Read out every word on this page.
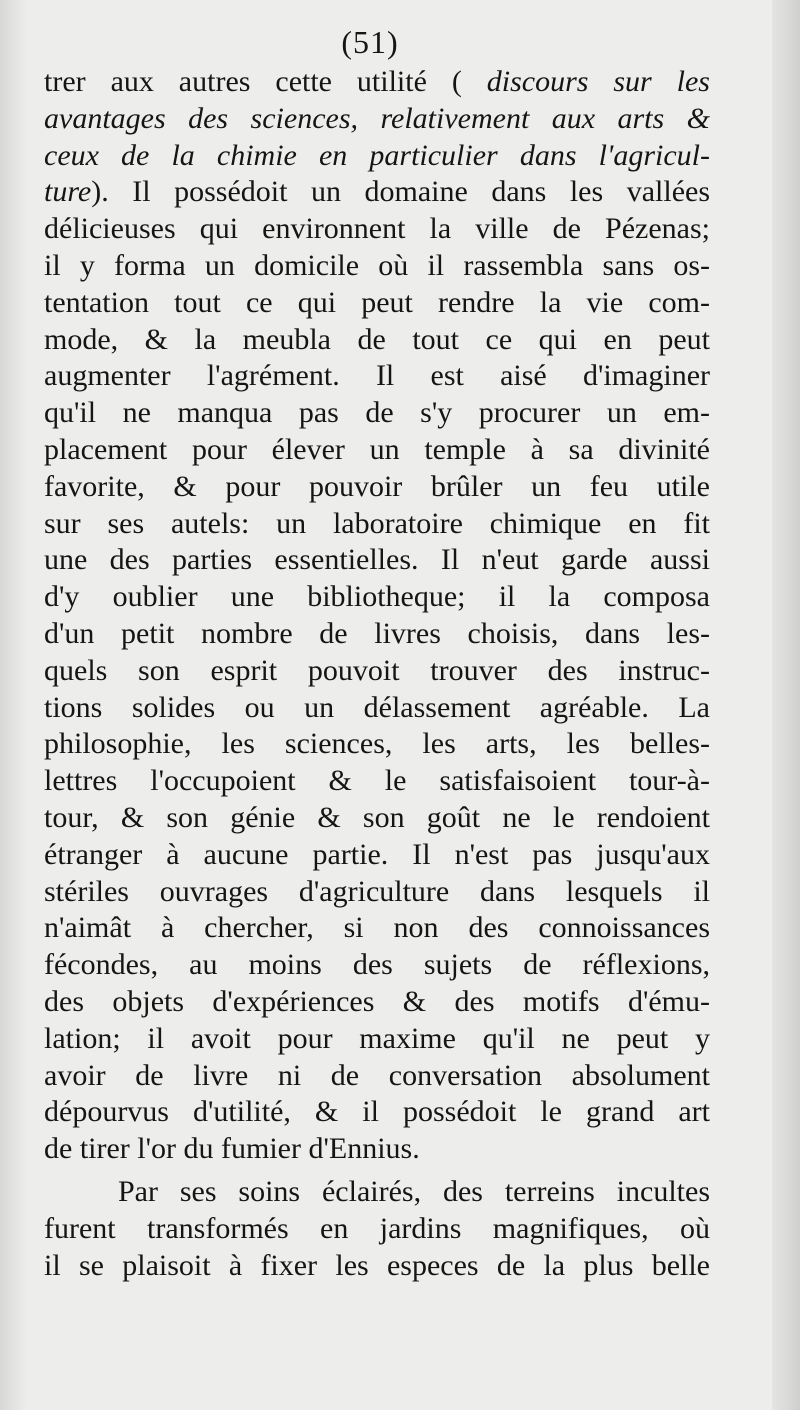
(51)
trer aux autres cette utilité ( discours sur les
avantages des sciences, relativement aux arts &
ceux de la chimie en particulier dans l'agricul-
ture). Il possédoit un domaine dans les vallées
délicieuses qui environnent la ville de Pézenas;
il y forma un domicile où il rassembla sans os-
tentation tout ce qui peut rendre la vie com-
mode, & la meubla de tout ce qui en peut
augmenter l'agrément. Il est aisé d'imaginer
qu'il ne manqua pas de s'y procurer un em-
placement pour élever un temple à sa divinité
favorite, & pour pouvoir brûler un feu utile
sur ses autels: un laboratoire chimique en fit
une des parties essentielles. Il n'eut garde aussi
d'y oublier une bibliotheque; il la composa
d'un petit nombre de livres choisis, dans les-
quels son esprit pouvoit trouver des instruc-
tions solides ou un délassement agréable. La
philosophie, les sciences, les arts, les belles-
lettres l'occupoient & le satisfaisoient tour-à-
tour, & son génie & son goût ne le rendoient
étranger à aucune partie. Il n'est pas jusqu'aux
stériles ouvrages d'agriculture dans lesquels il
n'aimât à chercher, si non des connoissances
fécondes, au moins des sujets de réflexions,
des objets d'expériences & des motifs d'ému-
lation; il avoit pour maxime qu'il ne peut y
avoir de livre ni de conversation absolument
dépourvus d'utilité, & il possédoit le grand art
de tirer l'or du fumier d'Ennius.
Par ses soins éclairés, des terreins incultes
furent transformés en jardins magnifiques, où
il se plaisoit à fixer les especes de la plus belle
